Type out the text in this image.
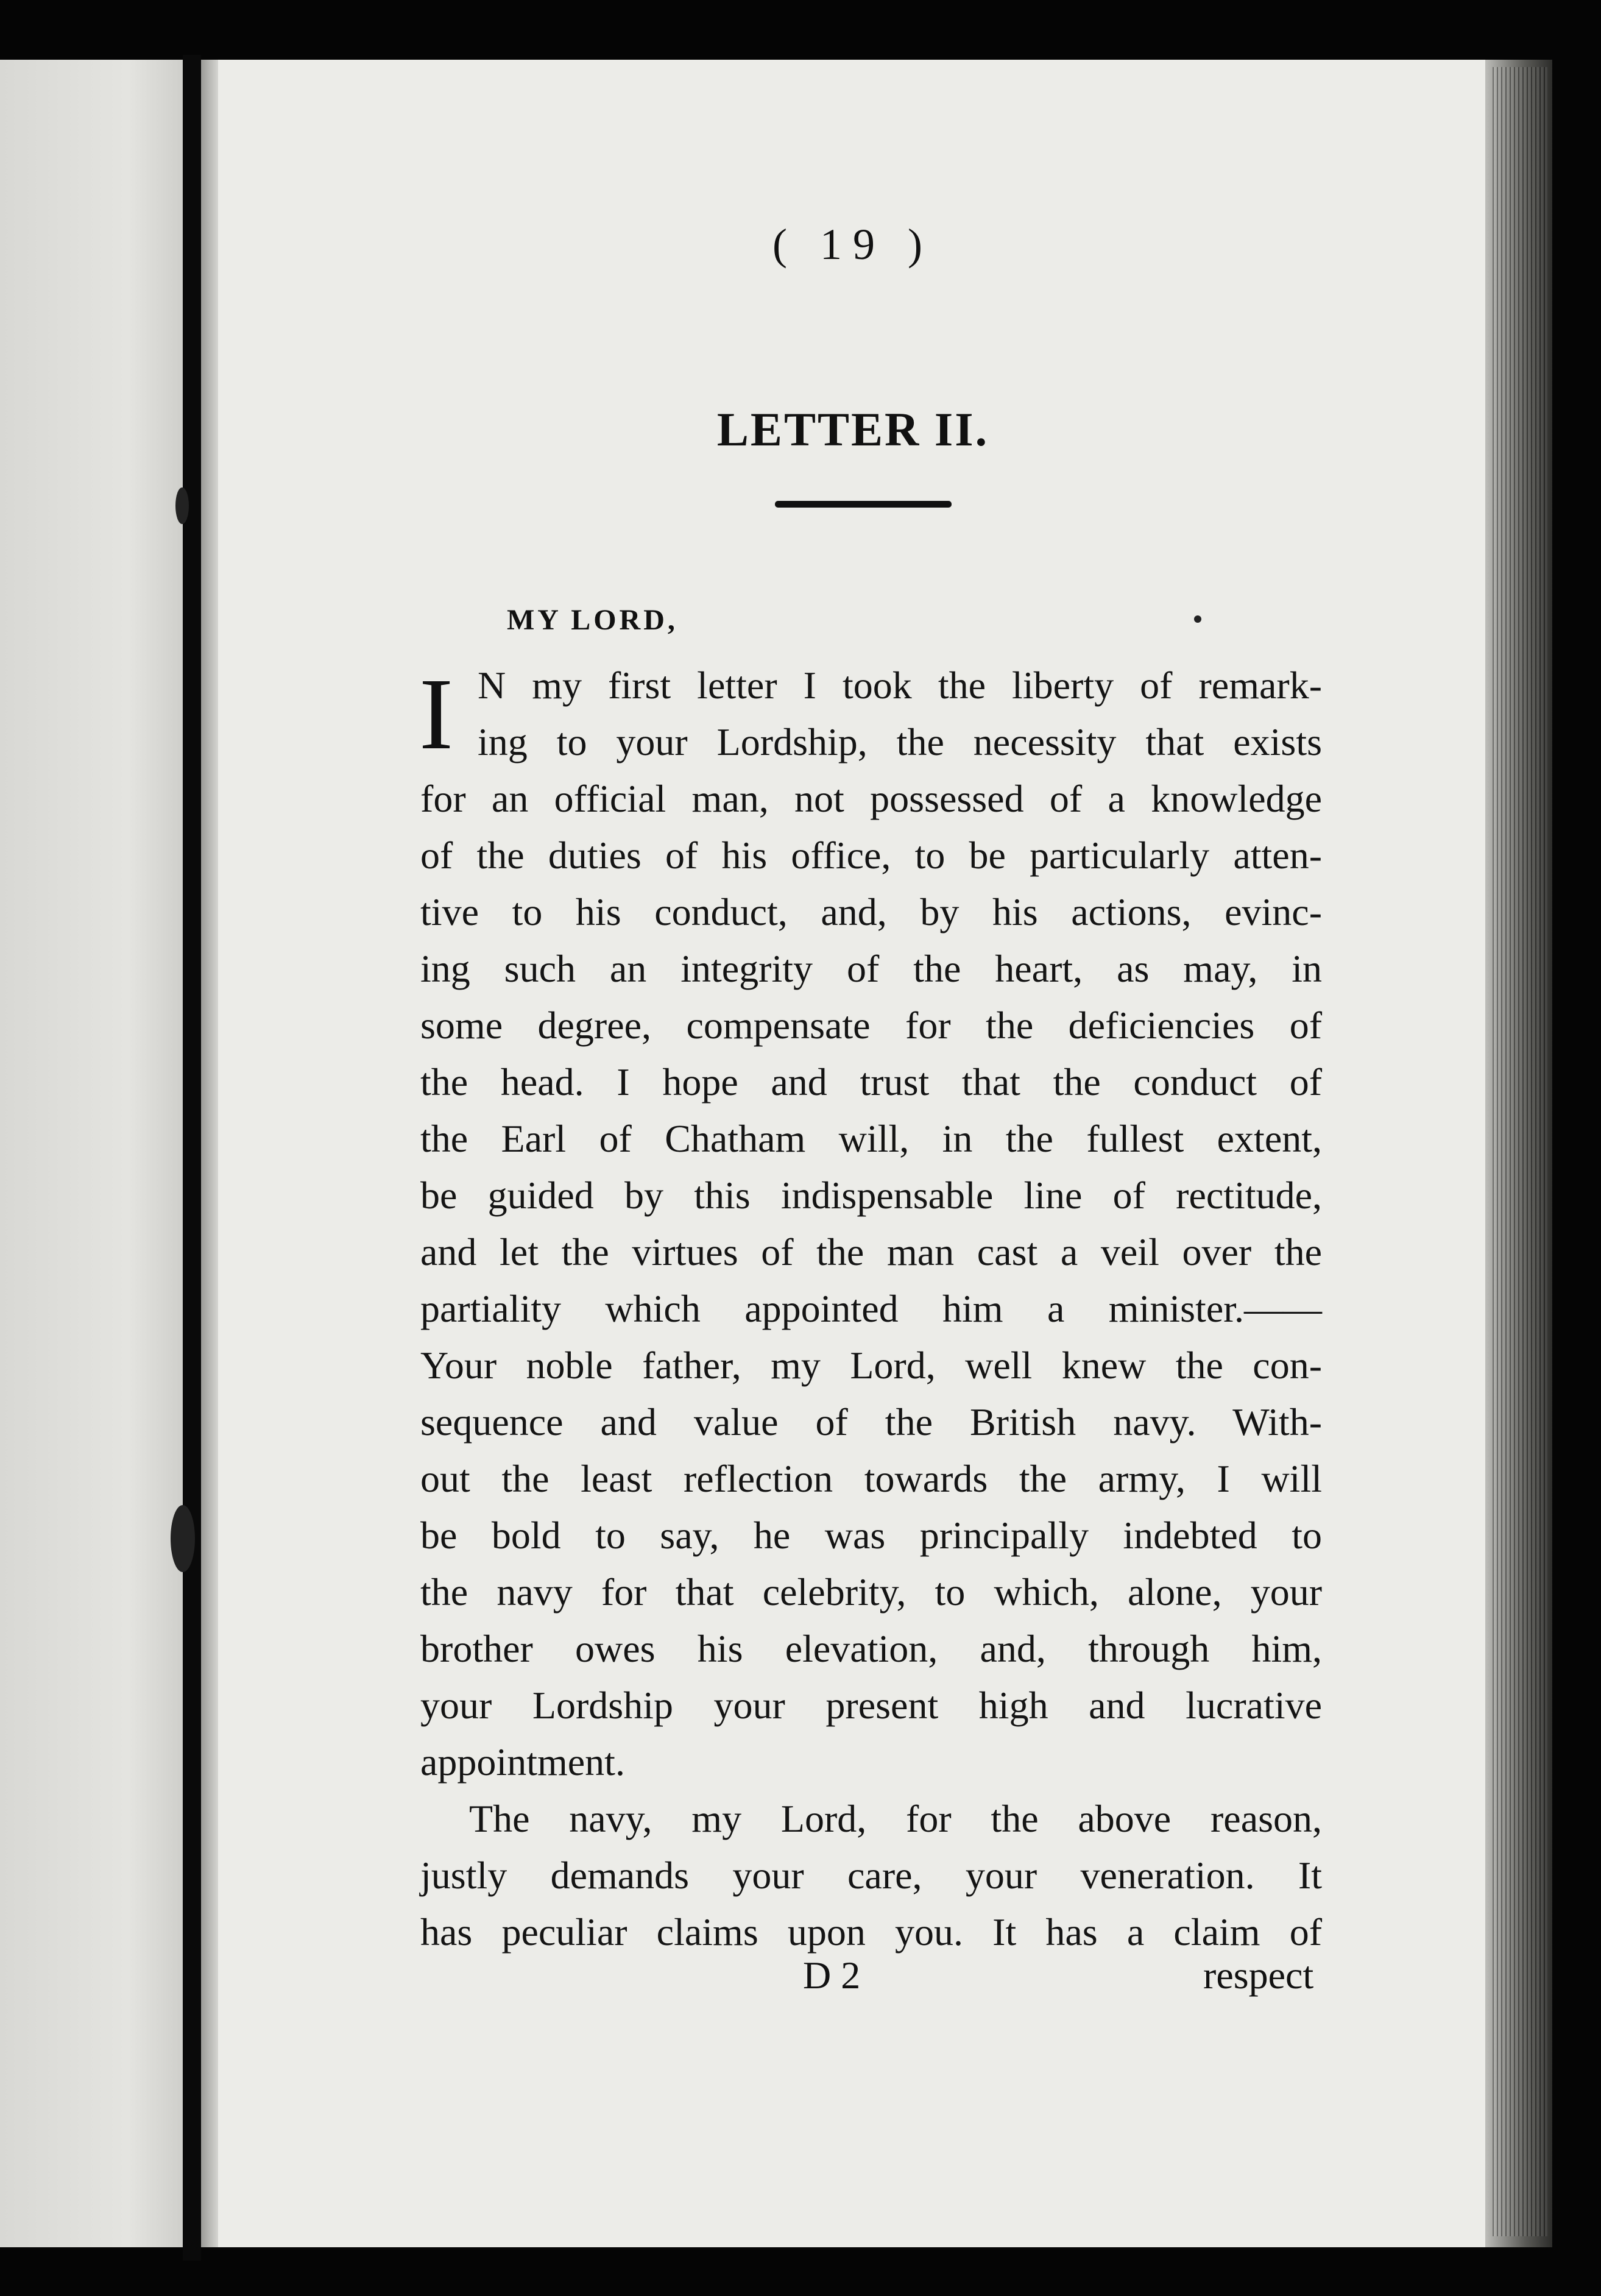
( 19 )
LETTER II.
MY LORD,
I N my first letter I took the liberty of remark-
ing to your Lordship, the necessity that exists
for an official man, not possessed of a knowledge
of the duties of his office, to be particularly atten-
tive to his conduct, and, by his actions, evinc-
ing such an integrity of the heart, as may, in
some degree, compensate for the deficiencies of
the head. I hope and trust that the conduct of
the Earl of Chatham will, in the fullest extent,
be guided by this indispensable line of rectitude,
and let the virtues of the man cast a veil over the
partiality which appointed him a minister.——
Your noble father, my Lord, well knew the con-
sequence and value of the British navy. With-
out the least reflection towards the army, I will
be bold to say, he was principally indebted to
the navy for that celebrity, to which, alone, your
brother owes his elevation, and, through him,
your Lordship your present high and lucrative
appointment.
The navy, my Lord, for the above reason,
justly demands your care, your veneration. It
has peculiar claims upon you. It has a claim of
D 2	respect
